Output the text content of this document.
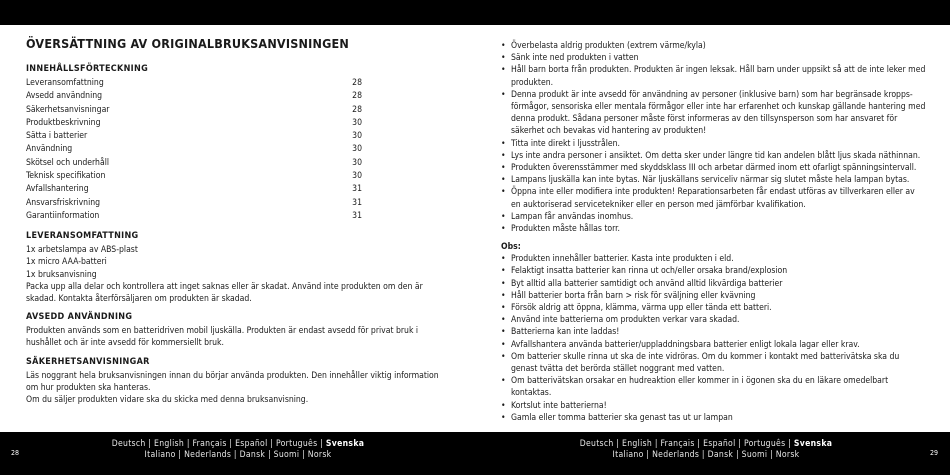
ÖVERSÄTTNING AV ORIGINALBRUKSANVISNINGEN
INNEHÅLLSFÖRTECKNING
Leveransomfattning	28
Avsedd användning	28
Säkerhetsanvisningar	28
Produktbeskrivning	30
Sätta i batterier	30
Användning	30
Skötsel och underhåll	30
Teknisk specifikation	30
Avfallshantering	31
Ansvarsfriskrivning	31
Garantiinformation	31
LEVERANSOMFATTNING
1x arbetslampa av ABS-plast
1x micro AAA-batteri
1x bruksanvisning

Packa upp alla delar och kontrollera att inget saknas eller är skadat. Använd inte produkten om den är skadad. Kontakta återförsäljaren om produkten är skadad.

AVSEDD ANVÄNDNING

Produkten används som en batteridriven mobil ljuskälla. Produkten är endast avsedd för privat bruk i hushållet och är inte avsedd för kommersiellt bruk.

SÄKERHETSANVISNINGAR

Läs noggrant hela bruksanvisningen innan du börjar använda produkten. Den innehåller viktig information om hur produkten ska hanteras.

Om du säljer produkten vidare ska du skicka med denna bruksanvisning.

• Överbelasta aldrig produkten (extrem värme/kyla)
• Sänk inte ned produkten i vatten
• Håll barn borta från produkten. Produkten är ingen leksak. Håll barn under uppsikt så att de inte leker med produkten.
• Denna produkt är inte avsedd för användning av personer (inklusive barn) som har begränsade kroppsförmågor, sensoriska eller mentala förmågor eller inte har erfarenhet och kunskap gällande hantering med denna produkt. Sådana personer måste först informeras av den tillsynsperson som har ansvaret för säkerhet och bevakas vid hantering av produkten!
• Titta inte direkt i ljusstrålen.
• Lys inte andra personer i ansiktet. Om detta sker under längre tid kan andelen blått ljus skada näthinnan.
• Produkten överensstämmer med skyddsklass III och arbetar därmed inom ett ofarligt spänningsintervall.
• Lampans ljuskälla kan inte bytas. När ljuskällans serviceliv närmar sig slutet måste hela lampan bytas.
• Öppna inte eller modifiera inte produkten! Reparationsarbeten får endast utföras av tillverkaren eller av en auktoriserad servicetekniker eller en person med jämförbar kvalifikation.
• Lampan får användas inomhus.
• Produkten måste hållas torr.
Obs:
• Produkten innehåller batterier. Kasta inte produkten i eld.
• Felaktigt insatta batterier kan rinna ut och/eller orsaka brand/explosion
• Byt alltid alla batterier samtidigt och använd alltid likvärdiga batterier
• Håll batterier borta från barn > risk för sväljning eller kvävning
• Försök aldrig att öppna, klämma, värma upp eller tända ett batteri.
• Använd inte batterierna om produkten verkar vara skadad.
• Batterierna kan inte laddas!
• Avfallshantera använda batterier/uppladdningsbara batterier enligt lokala lagar eller krav.
• Om batterier skulle rinna ut ska de inte vidröras. Om du kommer i kontakt med batterivätska ska du genast tvätta det berörda stället noggrant med vatten.
• Om batterivätskan orsakar en hudreaktion eller kommer in i ögonen ska du en läkare omedelbart kontaktas.
• Kortslut inte batterierna!
• Gamla eller tomma batterier ska genast tas ut ur lampan
28
Deutsch | English | Français | Español | Português | Svenska
Italiano | Nederlands | Dansk | Suomi | Norsk
Deutsch | English | Français | Español | Português | Svenska
Italiano | Nederlands | Dansk | Suomi | Norsk	29
